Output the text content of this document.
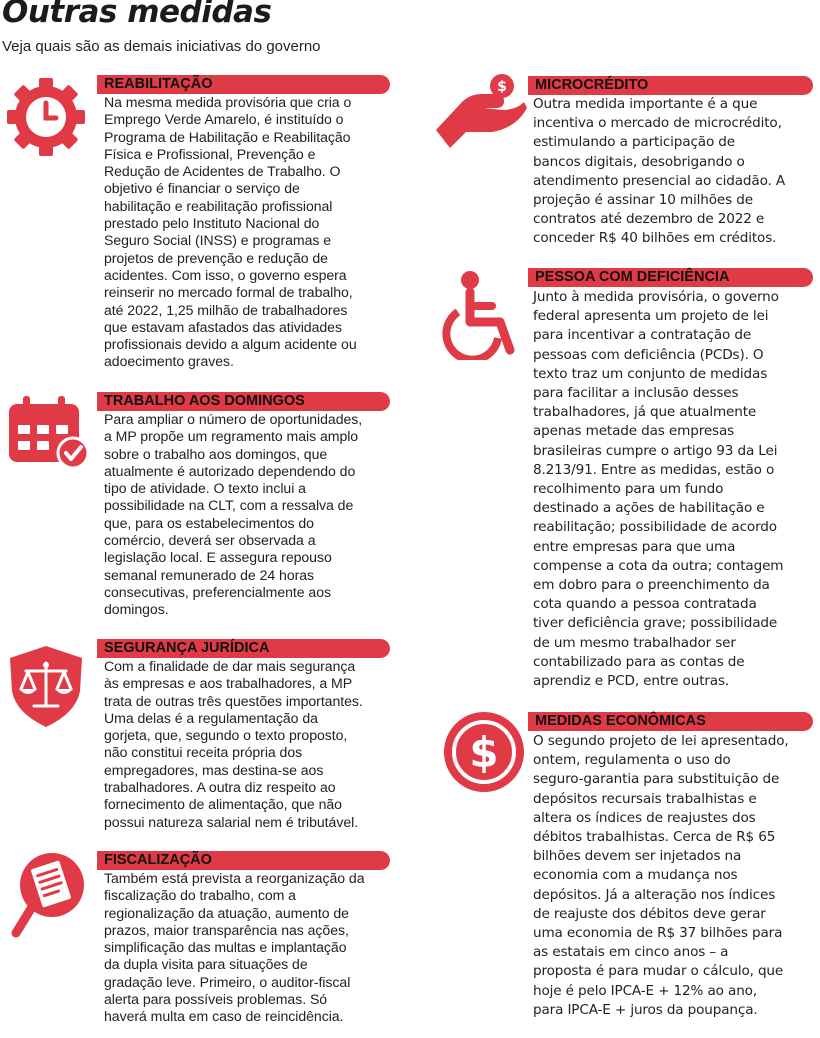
Outras medidas
Veja quais são as demais iniciativas do governo
REABILITAÇÃO

Na mesma medida provisória que cria o
Emprego Verde Amarelo, é instituído o
Programa de Habilitação e Reabilitação
Física e Profissional, Prevenção e
Redução de Acidentes de Trabalho. O
objetivo é financiar o serviço de
habilitação e reabilitação profissional
prestado pelo Instituto Nacional do
Seguro Social (INSS) e programas e
projetos de prevenção e redução de
acidentes. Com isso, o governo espera
reinserir no mercado formal de trabalho,
até 2022, 1,25 milhão de trabalhadores
que estavam afastados das atividades
profissionais devido a algum acidente ou
adoecimento graves.

TRABALHO AOS DOMINGOS

Para ampliar o número de oportunidades,
a MP propõe um regramento mais amplo
sobre o trabalho aos domingos, que
atualmente é autorizado dependendo do
tipo de atividade. O texto inclui a
possibilidade na CLT, com a ressalva de
que, para os estabelecimentos do
comércio, deverá ser observada a
legislação local. E assegura repouso
semanal remunerado de 24 horas
consecutivas, preferencialmente aos
domingos.

SEGURANÇA JURÍDICA

Com a finalidade de dar mais segurança
às empresas e aos trabalhadores, a MP
trata de outras três questões importantes.
Uma delas é a regulamentação da
gorjeta, que, segundo o texto proposto,
não constitui receita própria dos
empregadores, mas destina-se aos
trabalhadores. A outra diz respeito ao
fornecimento de alimentação, que não
possui natureza salarial nem é tributável.

FISCALIZAÇÃO

Também está prevista a reorganização da
fiscalização do trabalho, com a
regionalização da atuação, aumento de
prazos, maior transparência nas ações,
simplificação das multas e implantação
da dupla visita para situações de
gradação leve. Primeiro, o auditor-fiscal
alerta para possíveis problemas. Só
haverá multa em caso de reincidência.

$ MICROCRÉDITO

Outra medida importante é a que
incentiva o mercado de microcrédito,
estimulando a participação de
bancos digitais, desobrigando o
atendimento presencial ao cidadão. A
projeção é assinar 10 milhões de
contratos até dezembro de 2022 e
conceder R$ 40 bilhões em créditos.

PESSOA COM DEFICIÊNCIA

Junto à medida provisória, o governo
federal apresenta um projeto de lei
para incentivar a contratação de
pessoas com deficiência (PCDs). O
texto traz um conjunto de medidas
para facilitar a inclusão desses
trabalhadores, já que atualmente
apenas metade das empresas
brasileiras cumpre o artigo 93 da Lei
8.213/91. Entre as medidas, estão o
recolhimento para um fundo
destinado a ações de habilitação e
reabilitação; possibilidade de acordo
entre empresas para que uma
compense a cota da outra; contagem
em dobro para o preenchimento da
cota quando a pessoa contratada
tiver deficiência grave; possibilidade
de um mesmo trabalhador ser
contabilizado para as contas de
aprendiz e PCD, entre outras.

$
MEDIDAS ECONÔMICAS

O segundo projeto de lei apresentado,
ontem, regulamenta o uso do
seguro-garantia para substituição de
depósitos recursais trabalhistas e
altera os índices de reajustes dos
débitos trabalhistas. Cerca de R$ 65
bilhões devem ser injetados na
economia com a mudança nos
depósitos. Já a alteração nos índices
de reajuste dos débitos deve gerar
uma economia de R$ 37 bilhões para
as estatais em cinco anos – a
proposta é para mudar o cálculo, que
hoje é pelo IPCA-E + 12% ao ano,
para IPCA-E + juros da poupança.
